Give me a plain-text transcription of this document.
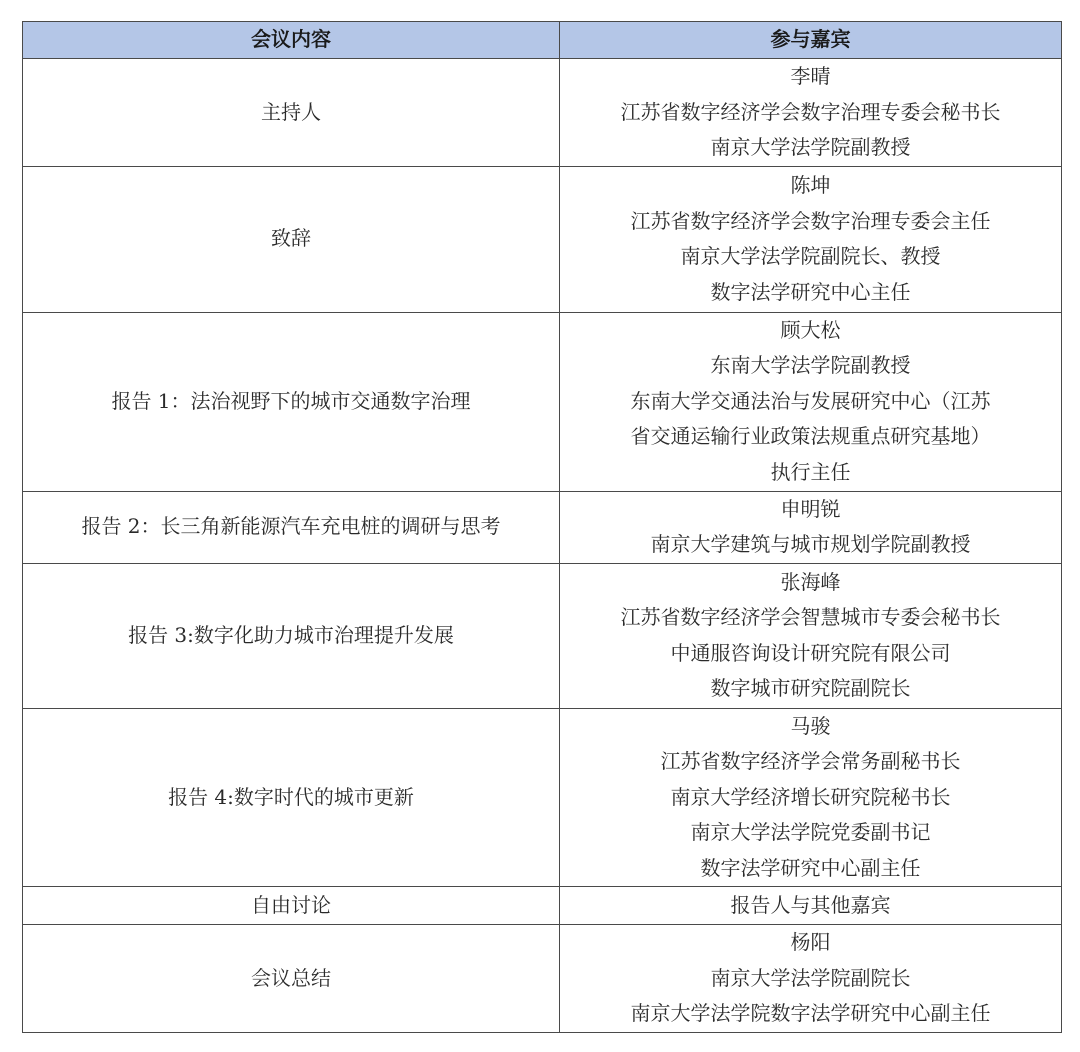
会议内容	参与嘉宾
主持人	李晴
江苏省数字经济学会数字治理专委会秘书长
南京大学法学院副教授

致辞	陈坤
江苏省数字经济学会数字治理专委会主任
南京大学法学院副院长、教授
数字法学研究中心主任

报告 1：法治视野下的城市交通数字治理	顾大松
东南大学法学院副教授
东南大学交通法治与发展研究中心（江苏
省交通运输行业政策法规重点研究基地）
执行主任

报告 2：长三角新能源汽车充电桩的调研与思考	申明锐
南京大学建筑与城市规划学院副教授

报告 3:数字化助力城市治理提升发展	张海峰
江苏省数字经济学会智慧城市专委会秘书长
中通服咨询设计研究院有限公司
数字城市研究院副院长

报告 4:数字时代的城市更新	马骏
江苏省数字经济学会常务副秘书长
南京大学经济增长研究院秘书长
南京大学法学院党委副书记
数字法学研究中心副主任

自由讨论	报告人与其他嘉宾

会议总结	杨阳
南京大学法学院副院长
南京大学法学院数字法学研究中心副主任
